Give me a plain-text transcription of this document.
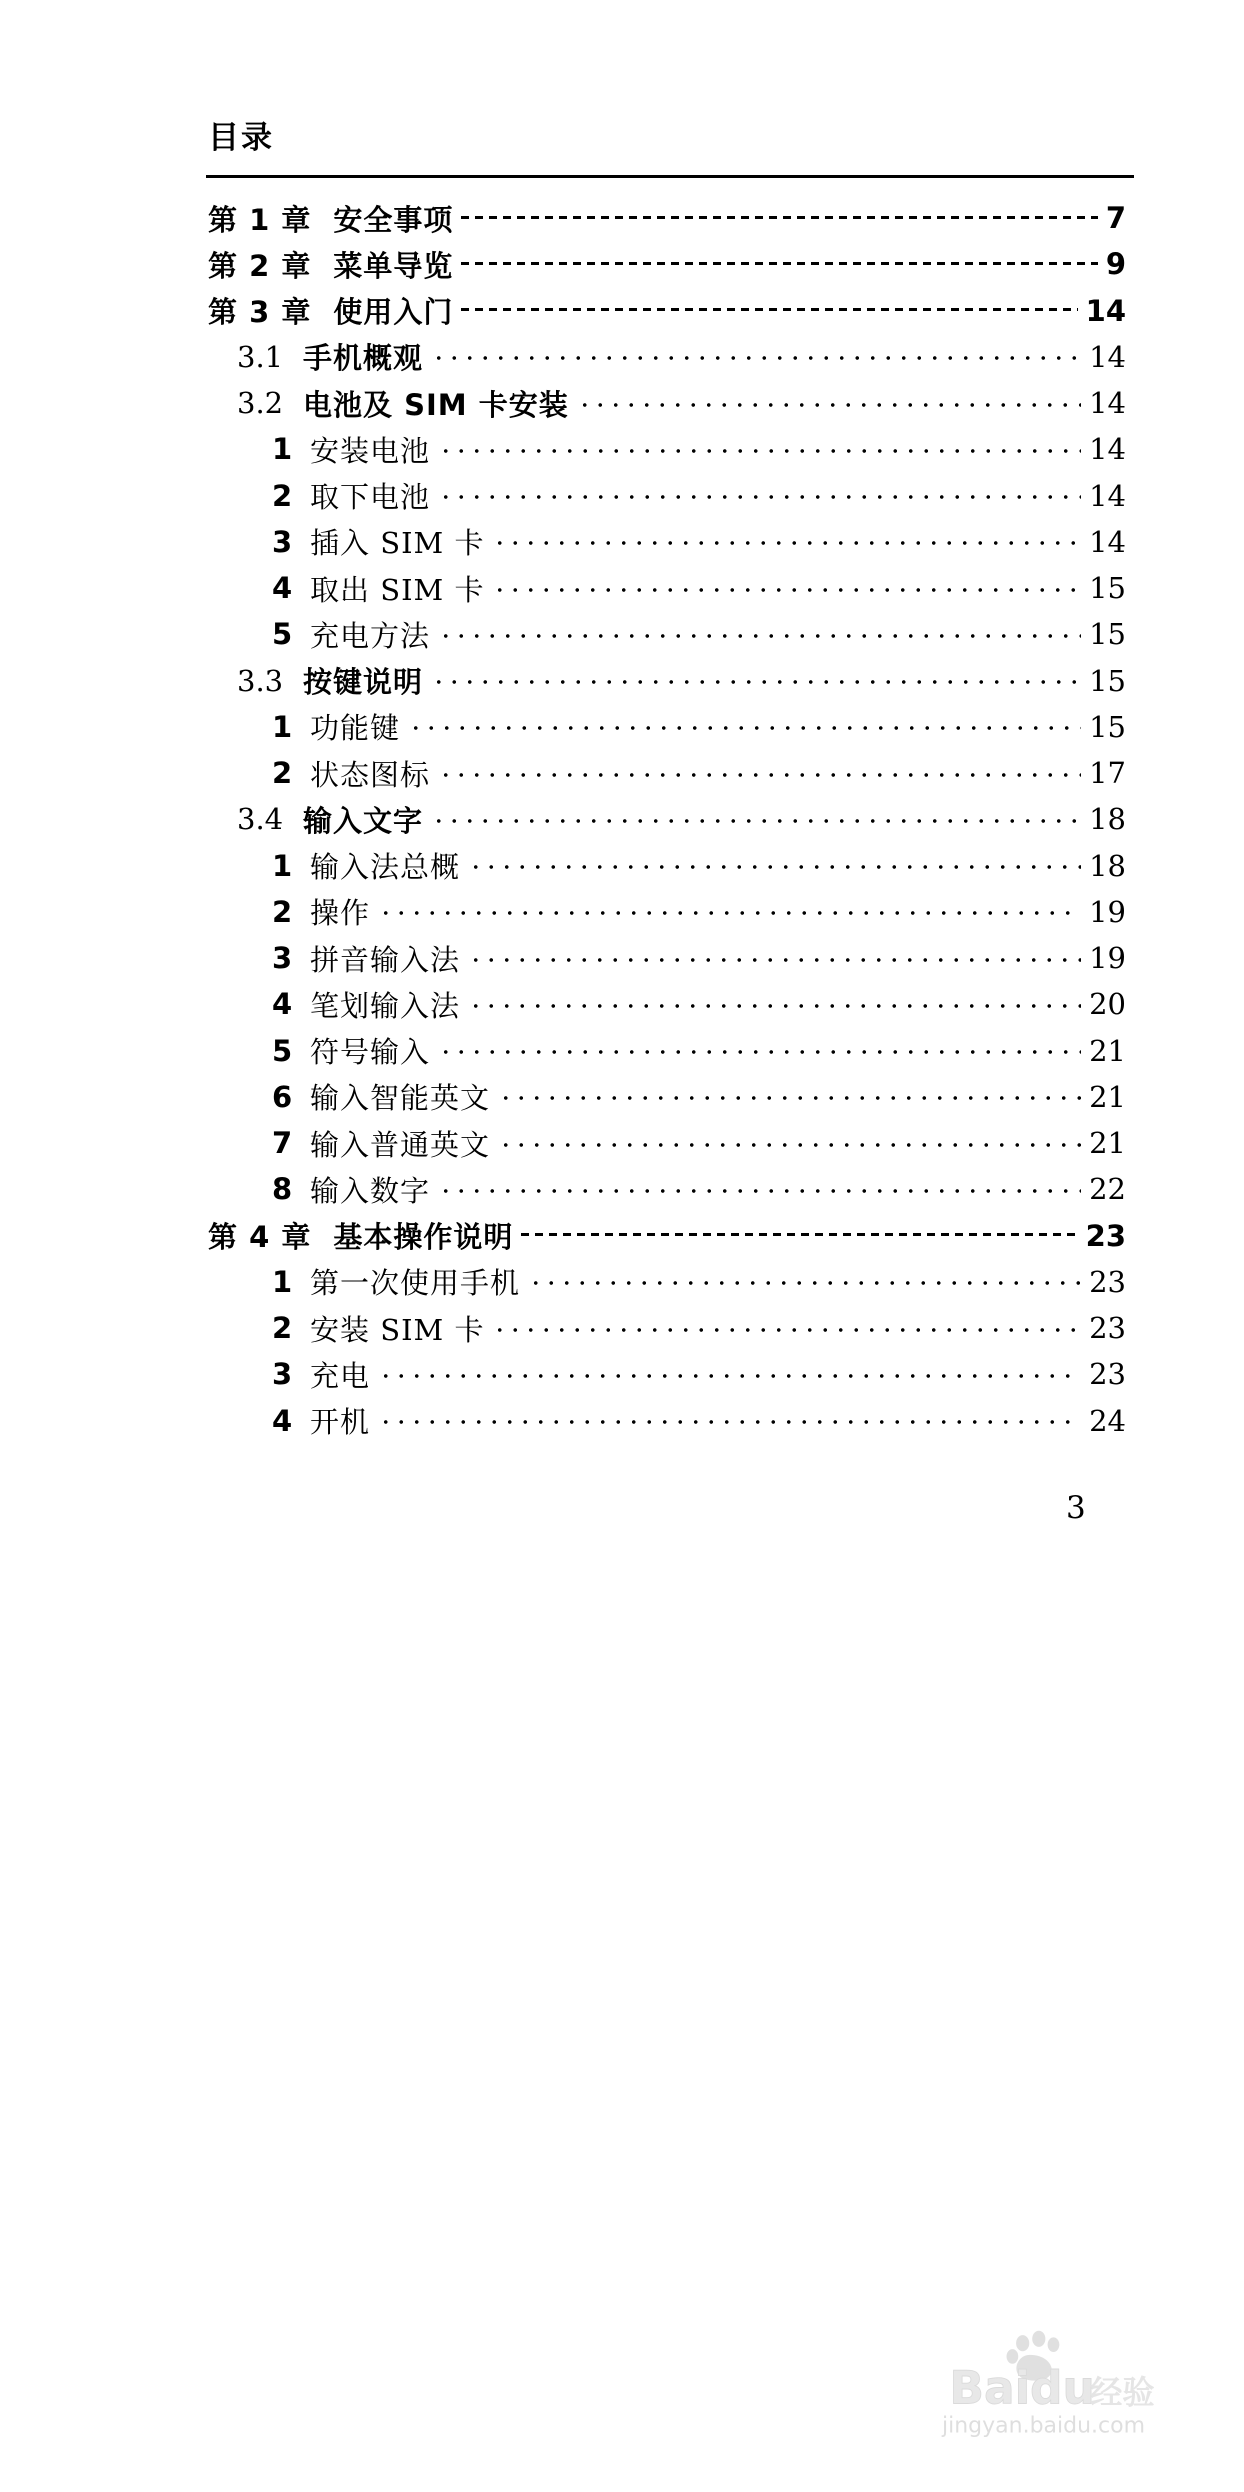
目录
第 1 章 安全事项	7
第 2 章 菜单导览	9
第 3 章 使用入门	14
3.1 手机概观	14
3.2 电池及 SIM 卡安装	14
1 安装电池	14
2 取下电池	14
3 插入 SIM 卡	14
4 取出 SIM 卡	15
5 充电方法	15
3.3 按键说明	15
1 功能键	15
2 状态图标	17
3.4 输入文字	18
1 输入法总概	18
2 操作	19
3 拼音输入法	19
4 笔划输入法	20
5 符号输入	21
6 输入智能英文	21
7 输入普通英文	21
8 输入数字	22
第 4 章 基本操作说明	23
1 第一次使用手机	23
2 安装 SIM 卡	23
3 充电	23
4 开机	24
3
Bai du
经验
jingyan.baidu.com
